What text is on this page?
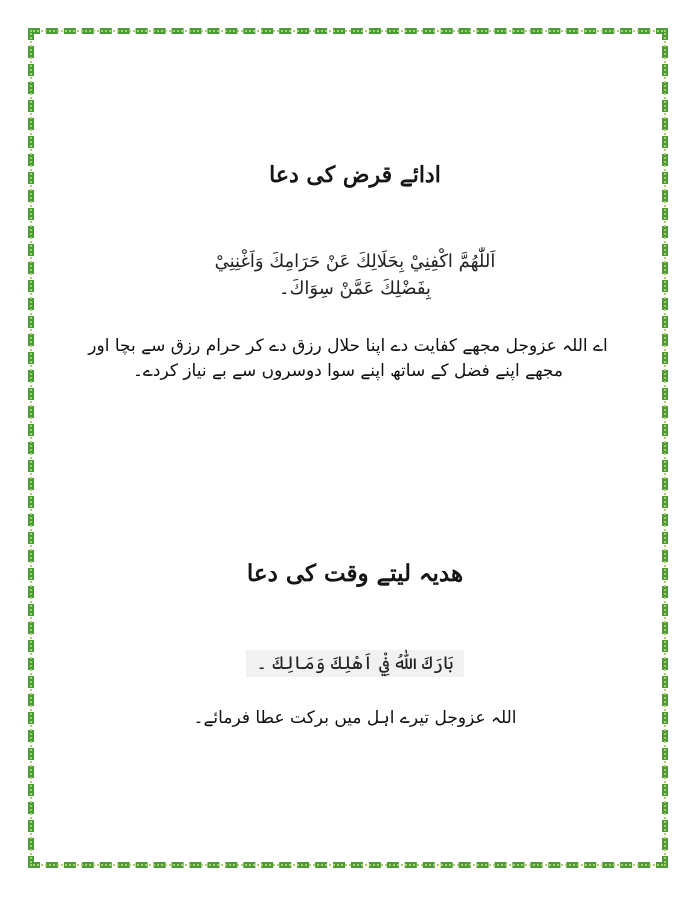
ادائے قرض کی دعا
اَللّٰهُمَّ اكْفِنِيْ بِحَلَالِكَ عَنْ حَرَامِكَ وَاَغْنِنِيْ
بِفَضْلِكَ عَمَّنْ سِوَاكَ۔
اے اللہ عزوجل مجھے کفایت دے اپنا حلال رزق دے کر حرام رزق سے بچا اور
مجھے اپنے فضل کے ساتھ اپنے سوا دوسروں سے بے نیاز کردے۔
ھدیہ لیتے وقت کی دعا
بَارَكَ اللّٰهُ فِيْ اَهْلِكَ وَمَالِكَ ۔
اللہ عزوجل تیرے اہل میں برکت عطا فرمائے۔
